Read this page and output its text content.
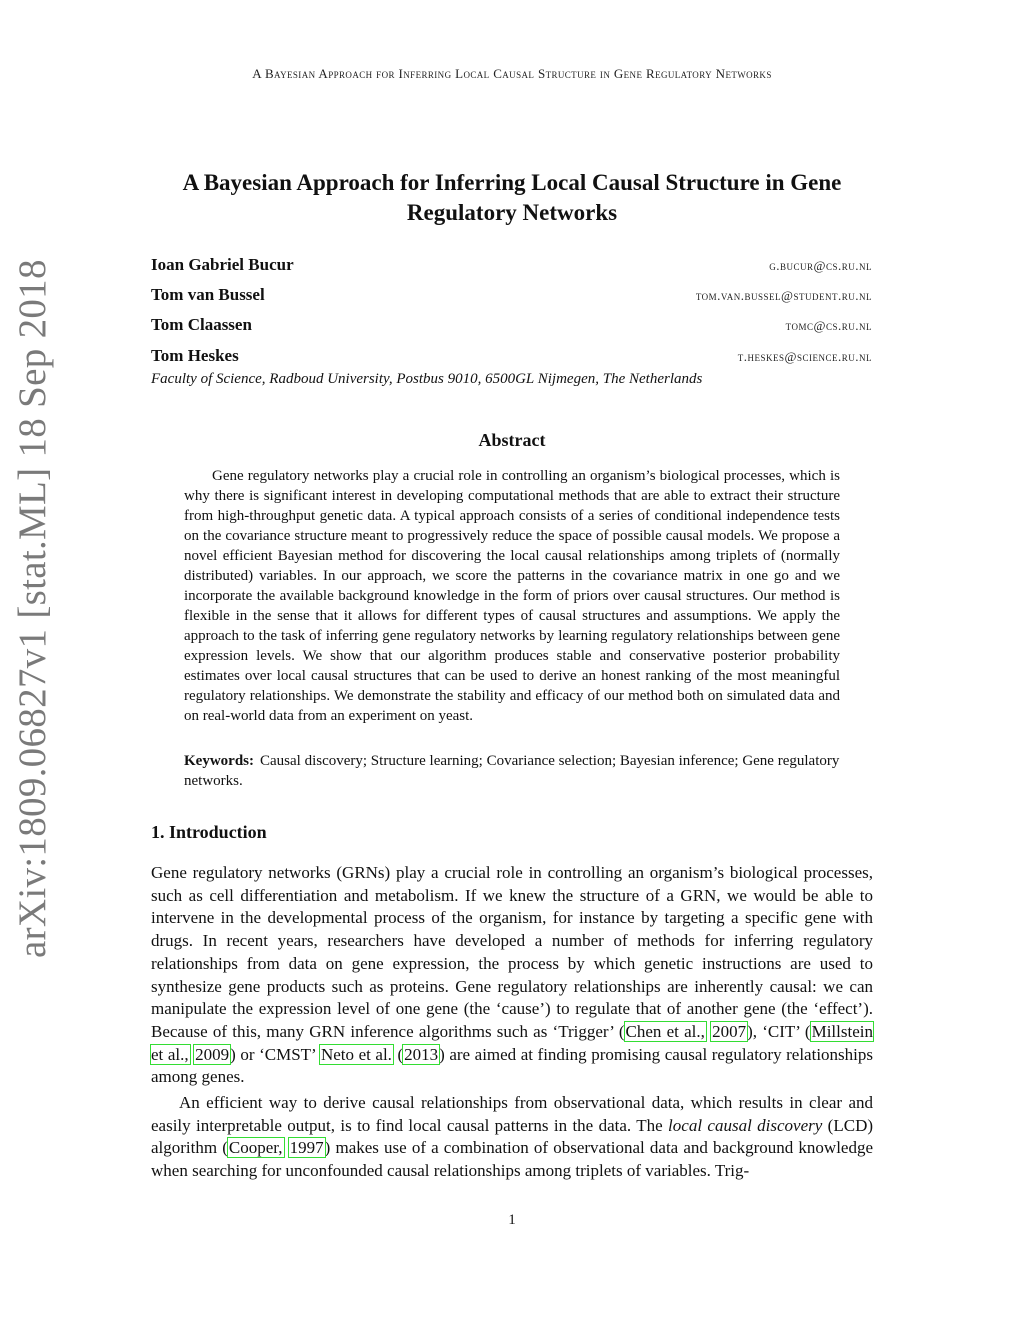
A Bayesian Approach for Inferring Local Causal Structure in Gene Regulatory Networks
arXiv:1809.06827v1 [stat.ML] 18 Sep 2018
A Bayesian Approach for Inferring Local Causal Structure in Gene Regulatory Networks
Ioan Gabriel Bucur	g.bucur@cs.ru.nl
Tom van Bussel	tom.van.bussel@student.ru.nl
Tom Claassen	tomc@cs.ru.nl
Tom Heskes	t.heskes@science.ru.nl
Faculty of Science, Radboud University, Postbus 9010, 6500GL Nijmegen, The Netherlands
Abstract

Gene regulatory networks play a crucial role in controlling an organism’s biological processes, which is why there is significant interest in developing computational methods that are able to extract their structure from high-throughput genetic data. A typical approach consists of a series of conditional independence tests on the covariance structure meant to progressively reduce the space of possible causal models. We propose a novel efficient Bayesian method for discovering the local causal relationships among triplets of (normally distributed) variables. In our approach, we score the patterns in the covariance matrix in one go and we incorporate the available background knowledge in the form of priors over causal structures. Our method is flexible in the sense that it allows for different types of causal structures and assumptions. We apply the approach to the task of inferring gene regulatory networks by learning regulatory relationships between gene expression levels. We show that our algorithm produces stable and conservative posterior probability estimates over local causal structures that can be used to derive an honest ranking of the most meaningful regulatory relationships. We demonstrate the stability and efficacy of our method both on simulated data and on real-world data from an experiment on yeast.

Keywords: Causal discovery; Structure learning; Covariance selection; Bayesian inference; Gene regulatory networks.

1. Introduction

Gene regulatory networks (GRNs) play a crucial role in controlling an organism’s biological processes, such as cell differentiation and metabolism. If we knew the structure of a GRN, we would be able to intervene in the developmental process of the organism, for instance by targeting a specific gene with drugs. In recent years, researchers have developed a number of methods for inferring regulatory relationships from data on gene expression, the process by which genetic instructions are used to synthesize gene products such as proteins. Gene regulatory relationships are inherently causal: we can manipulate the expression level of one gene (the ‘cause’) to regulate that of another gene (the ‘effect’). Because of this, many GRN inference algorithms such as ‘Trigger’ (Chen et al., 2007), ‘CIT’ (Millstein et al., 2009) or ‘CMST’ Neto et al. (2013) are aimed at finding promising causal regulatory relationships among genes.

An efficient way to derive causal relationships from observational data, which results in clear and easily interpretable output, is to find local causal patterns in the data. The local causal discovery (LCD) algorithm (Cooper, 1997) makes use of a combination of observational data and background knowledge when searching for unconfounded causal relationships among triplets of variables. Trig-

1
